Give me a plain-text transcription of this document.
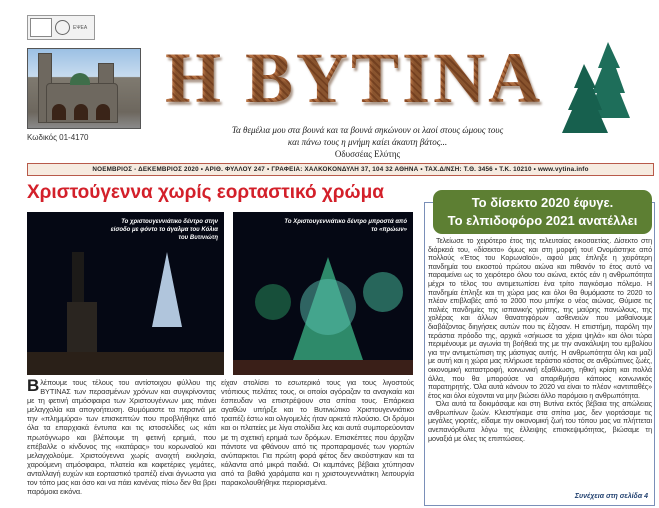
ΕΨΕΑ
Κωδικός 01-4170
Η ΒΥΤΙΝΑ
Τα θεμέλια μου στα βουνά και τα βουνά σηκώνουν οι λαοί στους ώμους τους
και πάνω τους η μνήμη καίει άκαυτη βάτος...
Οδυσσέας Ελύτης
ΝΟΕΜΒΡΙΟΣ - ΔΕΚΕΜΒΡΙΟΣ 2020 • ΑΡΙΘ. ΦΥΛΛΟΥ 247 • ΓΡΑΦΕΙΑ: ΧΑΛΚΟΚΟΝΔΥΛΗ 37, 104 32 ΑΘΗΝΑ • ΤΑΧ.Δ/ΝΣΗ: Τ.Θ. 3456 • Τ.Κ. 10210 • www.vytina.info
Χριστούγεννα χωρίς εορταστικό χρώμα
Το χριστουγεννιάτικο δέντρο στην είσοδο με φόντο το άγαλμα του Κόλια του Βυτινιώτη
Το Χριστουγεννιάτικο δέντρο μπροστά από το «πρώων»
Βλέπουμε τους τέλους του αντίστοιχου φύλλου της ΒΥΤΙΝΑΣ των περασμένων χρόνων και συγκρίνοντας με τη φετινή ατμόσφαιρα των Χριστουγέννων μας πιάνει μελαγχολία και απογοήτευση. Θυμόμαστε τα περσινά με την «πλημμύρα» των επισκεπτών που προβλήθηκε από όλα τα επαρχιακά έντυπα και τις ιστοσελίδες ως κάτι πρωτόγνωρο και βλέπουμε τη φετινή ερημιά, που επέβαλλε ο κίνδυνος της «κατάρας» του κορωναϊού και μελαγχολούμε. Χριστούγεννα χωρίς ανοιχτή εκκλησία, χαρούμενη ατμόσφαιρα, πλατεία και καφετέριες γεμάτες, ανταλλαγή ευχών και εορταστικό τραπέζι είναι άγνωστα για τον τόπο μας και όσο και να πάει κανένας πίσω δεν θα βρει παρόμοια εικόνα.
είχαν στολίσει το εσωτερικό τους για τους λιγοστούς ντόπιους πελάτες τους, οι οποίοι αγόραζαν τα αναγκαία και έσπευδαν να επιστρέψουν στα σπίτια τους. Επάρκεια αγαθών υπήρξε και το Βυτινιώτικο Χριστουγεννιάτικο τραπέζι έστω και ολιγομελές ήταν αρκετά πλούσιο. Οι δρόμοι και οι πλατείες με λίγα στολίδια λες και αυτά συμπορεύονταν με τη σχετική ερημιά των δρόμων. Επισκέπτες που άρχιζαν πάντοτε να φθάνουν από τις προπαραμονές των γιορτών ανύπαρκτοι. Για πρώτη φορά φέτος δεν ακούστηκαν και τα κάλαντα από μικρά παιδιά. Οι καμπάνες βέβαια χτύπησαν από τα βαθιά χαράματα και η χριστουγεννιάτικη λειτουργία παρακολουθήθηκε περιορισμένα.
Το δίσεκτο 2020 έφυγε.
Το ελπιδοφόρο 2021 ανατέλλει

Τελείωσε το χειρότερο έτος της τελευταίας εικοσαετίας. Δίσεκτο στη διάρκειά του, «δίσεκτο» όμως και στη μορφή του! Ονομάστηκε από πολλούς «Έτος του Κορωναϊού», αφού μας έπληξε η χειρότερη πανδημία του εικοστού πρώτου αιώνα και πιθανόν το έτος αυτό να παραμείνει ως το χειρότερο όλου του αιώνα, εκτός εάν η ανθρωπότητα μέχρι το τέλος του αντιμετωπίσει ένα τρίτο παγκόσμιο πόλεμο. Η πανδημία έπληξε και τη χώρα μας και όλοι θα θυμόμαστε το 2020 το πλέον επιβλαβές από το 2000 που μπήκε ο νέος αιώνας. Θύμισε τις παλιές πανδημίες της ισπανικής γρίπης, της μαύρης πανώλους, της χολέρας και άλλων θανατηφόρων ασθενειών που μαθαίνουμε διαβάζοντας διηγήσεις αυτών που τις έζησαν. Η επιστήμη, παρόλη την τεράστια πρόοδο της, αρχικά «σήκωσε τα χέρια ψηλά» και όλοι τώρα περιμένουμε με αγωνία τη βοήθειά της με την ανακάλυψη του εμβολίου για την αντιμετώπιση της μάστιγας αυτής. Η ανθρωπότητα όλη και μαζί με αυτή και η χώρα μας πλήρωσε τεράστιο κόστος σε ανθρώπινες ζωές, οικονομική καταστροφή, κοινωνική εξαθλίωση, ηθική κρίση και πολλά άλλα, που θα μπορούσε να απαριθμήσει κάποιος κοινωνικός παρατηρητής. Όλα αυτά κάνουν το 2020 να είναι το πλέον «αντιπαθές» έτος και όλοι εύχονται να μην βιώσει άλλο παρόμοιο η ανθρωπότητα.

Όλα αυτά τα δοκιμάσαμε και στη Βυτίνα εκτός βέβαια της απώλειας ανθρωπίνων ζωών. Κλειστήκαμε στα σπίτια μας, δεν γιορτάσαμε τις μεγάλες γιορτές, είδαμε την οικονομική ζωή του τόπου μας να πλήττεται ανεπανόρθωτα λόγω της έλλειψης επισκεψιμότητας, βιώσαμε τη μοναξιά με όλες τις επιπτώσεις.

Συνέχεια στη σελίδα 4
